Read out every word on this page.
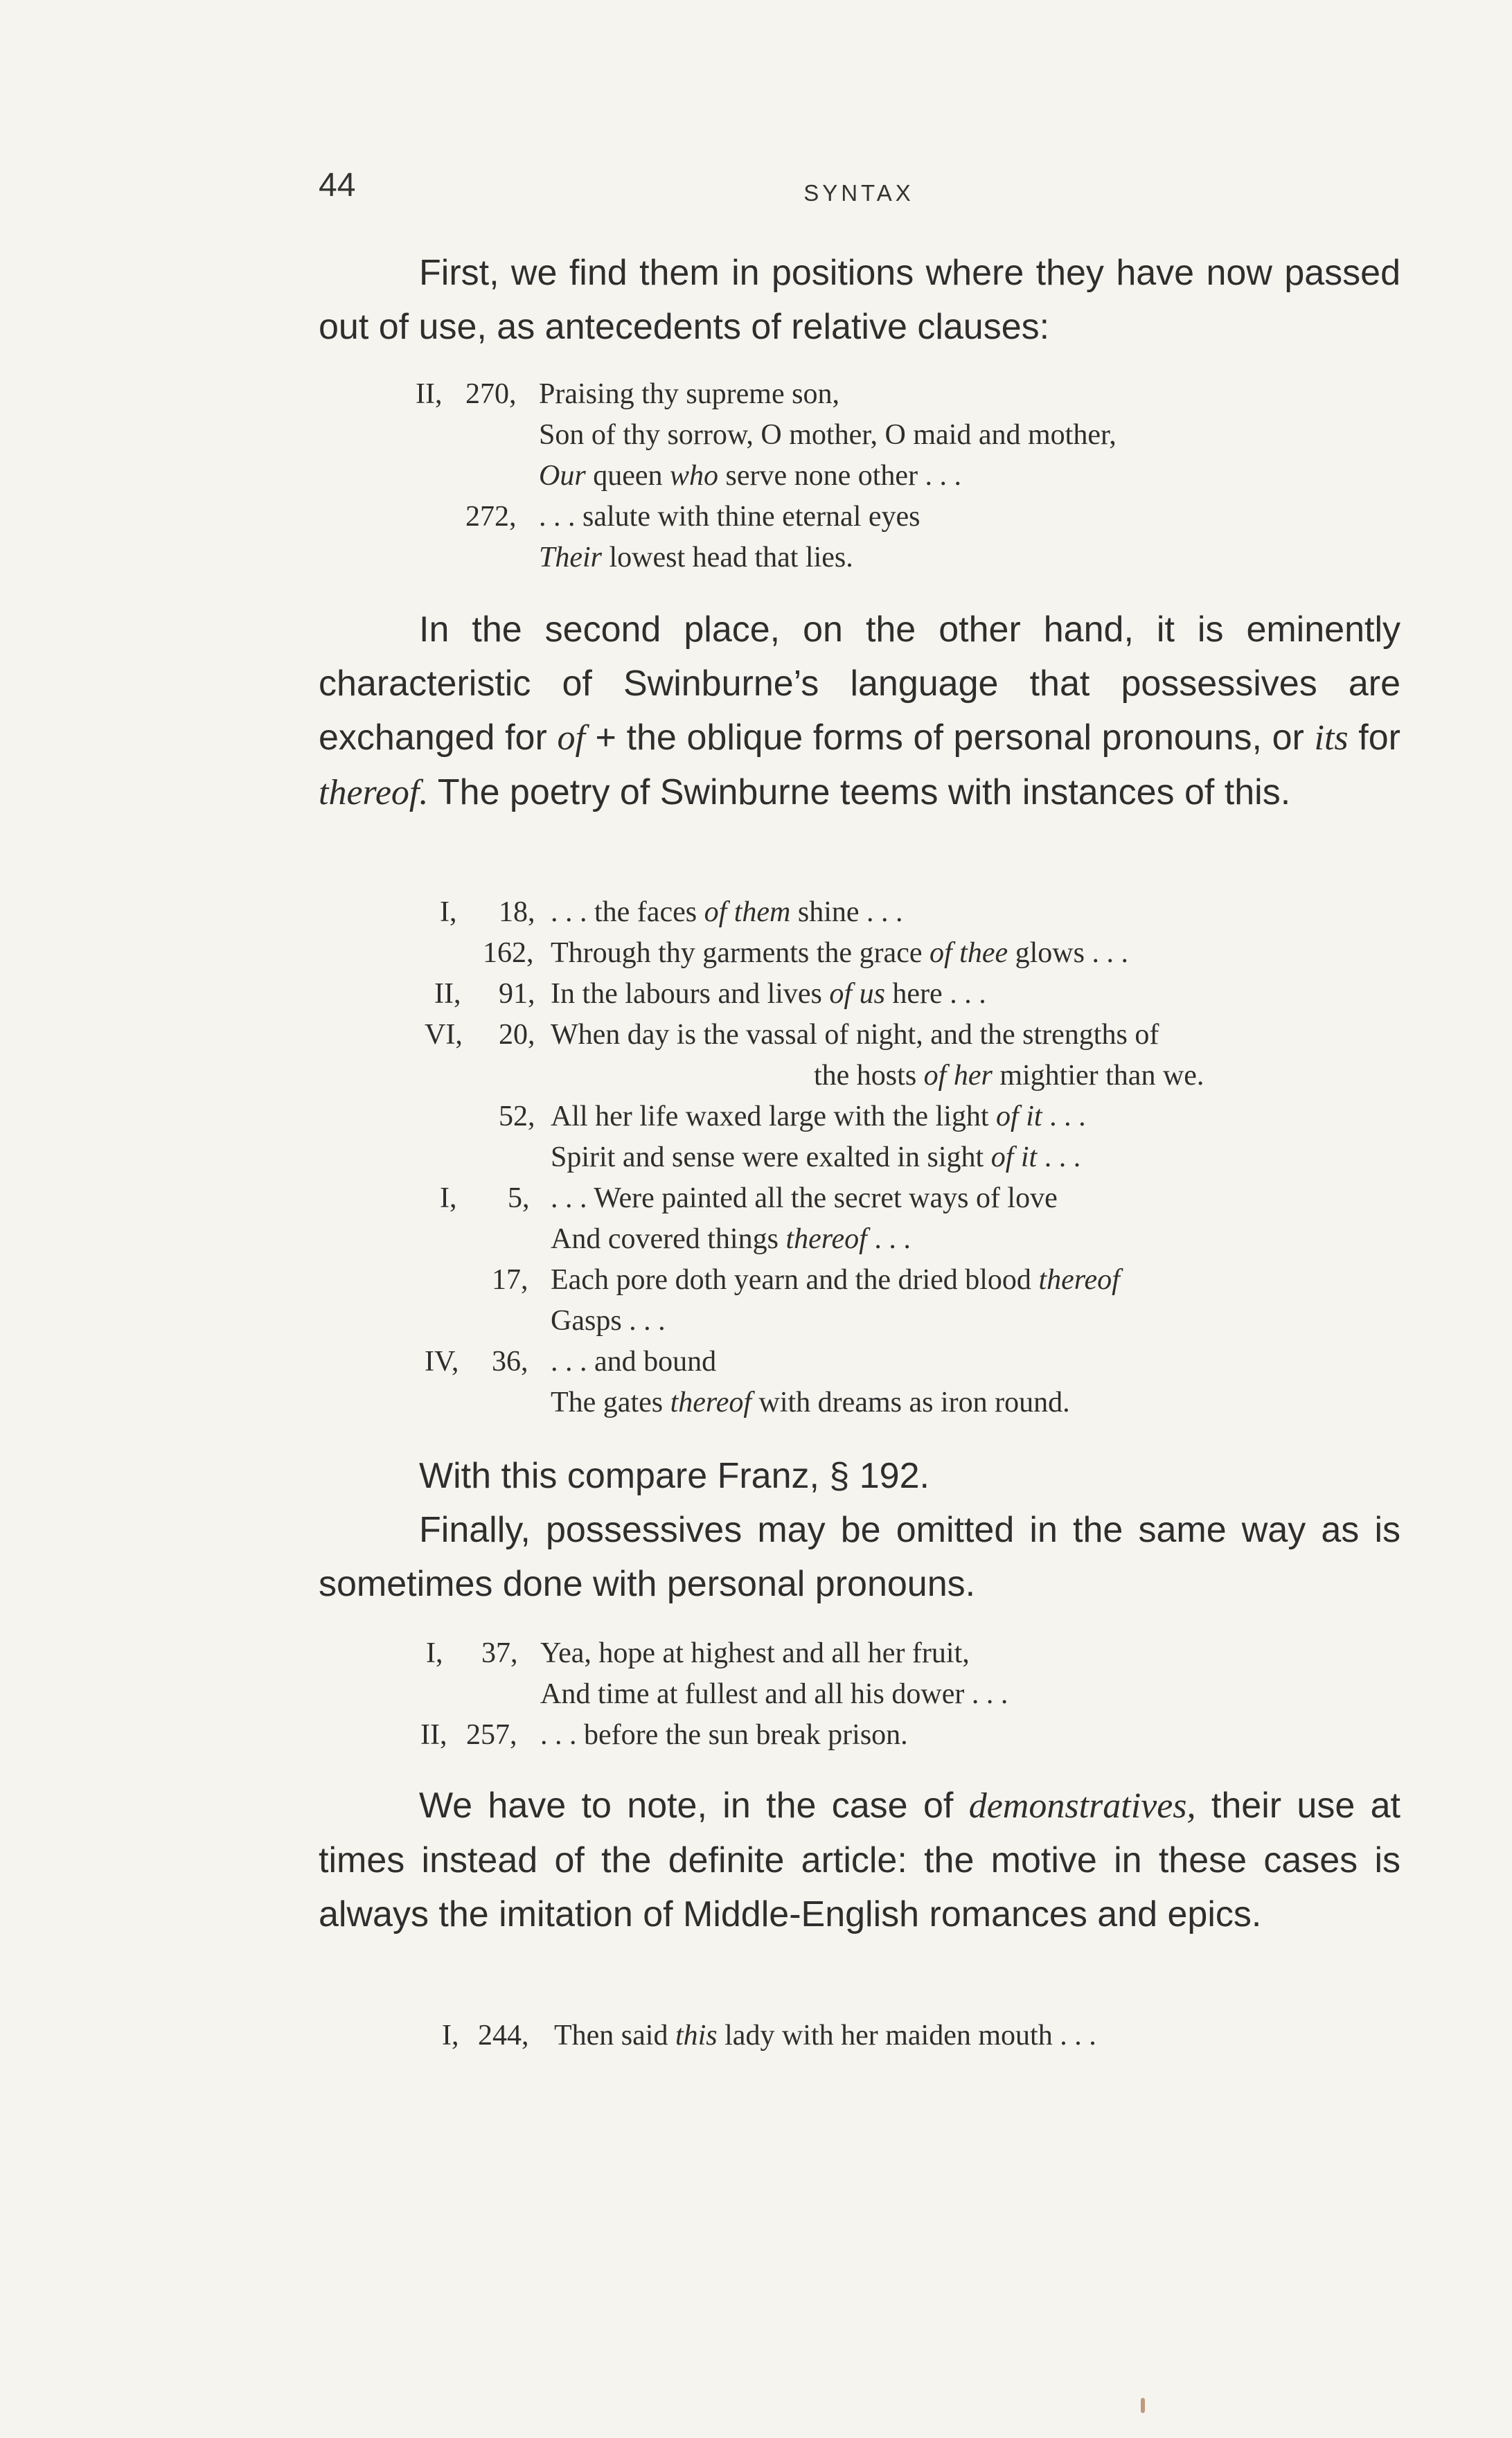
44	SYNTAX

First, we find them in positions where they have now passed out of use, as antecedents of relative clauses:

II, 270, Praising thy supreme son,
Son of thy sorrow, O mother, O maid and mother,
Our queen who serve none other . . .
272, . . . salute with thine eternal eyes
Their lowest head that lies.

In the second place, on the other hand, it is eminently characteristic of Swinburne’s language that possessives are exchanged for of + the oblique forms of personal pronouns, or its for thereof. The poetry of Swinburne teems with instances of this.

I, 18, . . . the faces of them shine . . .
162, Through thy garments the grace of thee glows . . .
II, 91, In the labours and lives of us here . . .
VI, 20, When day is the vassal of night, and the strengths of
the hosts of her mightier than we.
52, All her life waxed large with the light of it . . .
Spirit and sense were exalted in sight of it . . .
I, 5, . . . Were painted all the secret ways of love
And covered things thereof . . .
17, Each pore doth yearn and the dried blood thereof
Gasps . . .
IV, 36, . . . and bound
The gates thereof with dreams as iron round.

With this compare Franz, § 192.

Finally, possessives may be omitted in the same way as is sometimes done with personal pronouns.

I, 37, Yea, hope at highest and all her fruit,
And time at fullest and all his dower . . .
II, 257, . . . before the sun break prison.

We have to note, in the case of demonstratives, their use at times instead of the definite article: the motive in these cases is always the imitation of Middle-English romances and epics.

I, 244, Then said this lady with her maiden mouth . . .
